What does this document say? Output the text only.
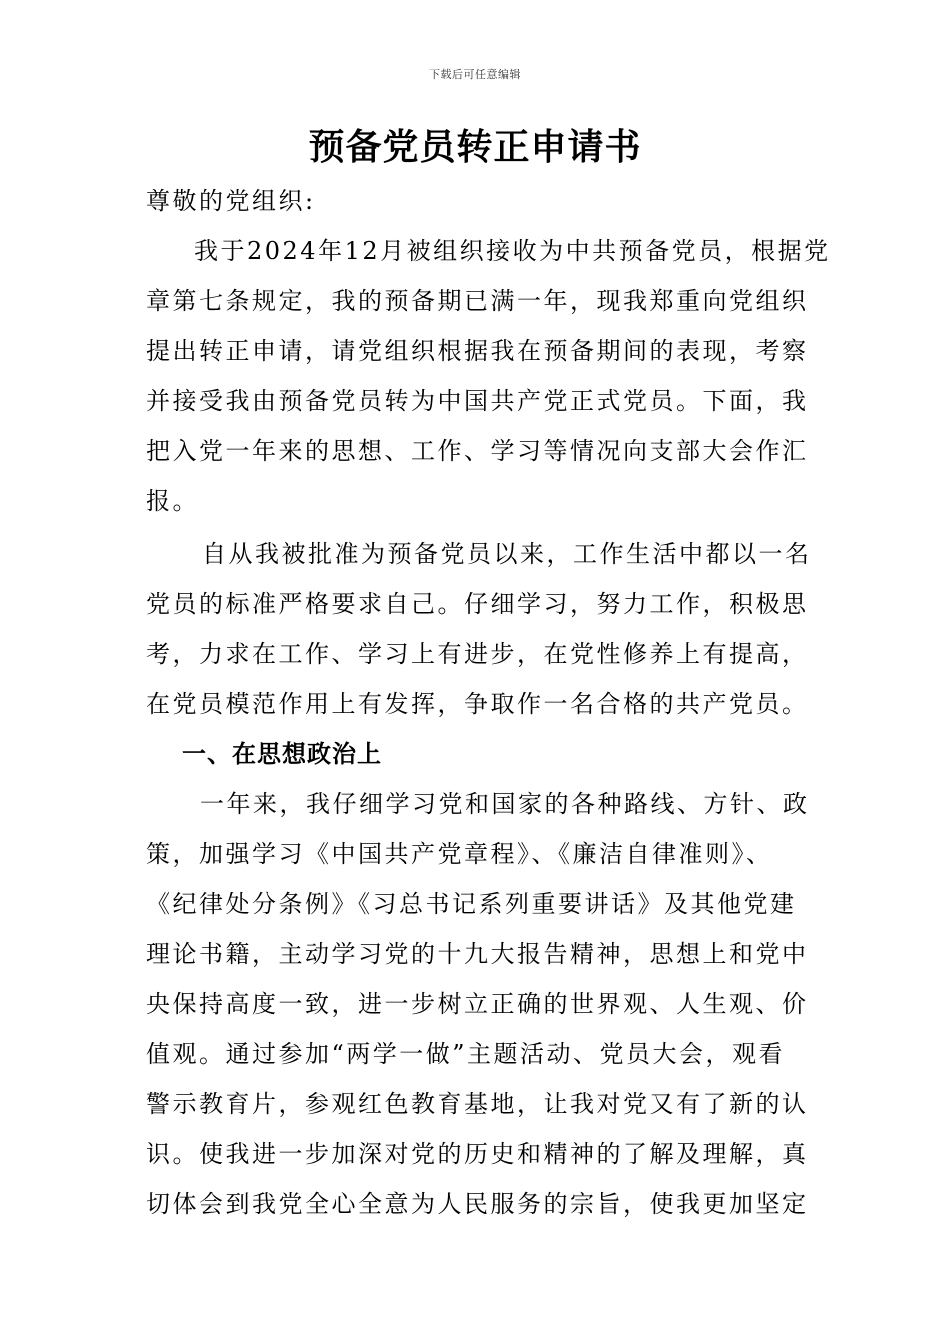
下载后可任意编辑
预备党员转正申请书
尊敬的党组织:
我于2024年12月被组织接收为中共预备党员，根据党
章第七条规定，我的预备期已满一年，现我郑重向党组织
提出转正申请，请党组织根据我在预备期间的表现，考察
并接受我由预备党员转为中国共产党正式党员。下面，我
把入党一年来的思想、工作、学习等情况向支部大会作汇
报。
自从我被批准为预备党员以来，工作生活中都以一名
党员的标准严格要求自己。仔细学习，努力工作，积极思
考，力求在工作、学习上有进步，在党性修养上有提高，
在党员模范作用上有发挥，争取作一名合格的共产党员。
一、在思想政治上
一年来，我仔细学习党和国家的各种路线、方针、政
策，加强学习《中国共产党章程》、《廉洁自律准则》、
《纪律处分条例》《习总书记系列重要讲话》及其他党建
理论书籍，主动学习党的十九大报告精神，思想上和党中
央保持高度一致，进一步树立正确的世界观、人生观、价
值观。通过参加“两学一做”主题活动、党员大会，观看
警示教育片，参观红色教育基地，让我对党又有了新的认
识。使我进一步加深对党的历史和精神的了解及理解，真
切体会到我党全心全意为人民服务的宗旨，使我更加坚定
